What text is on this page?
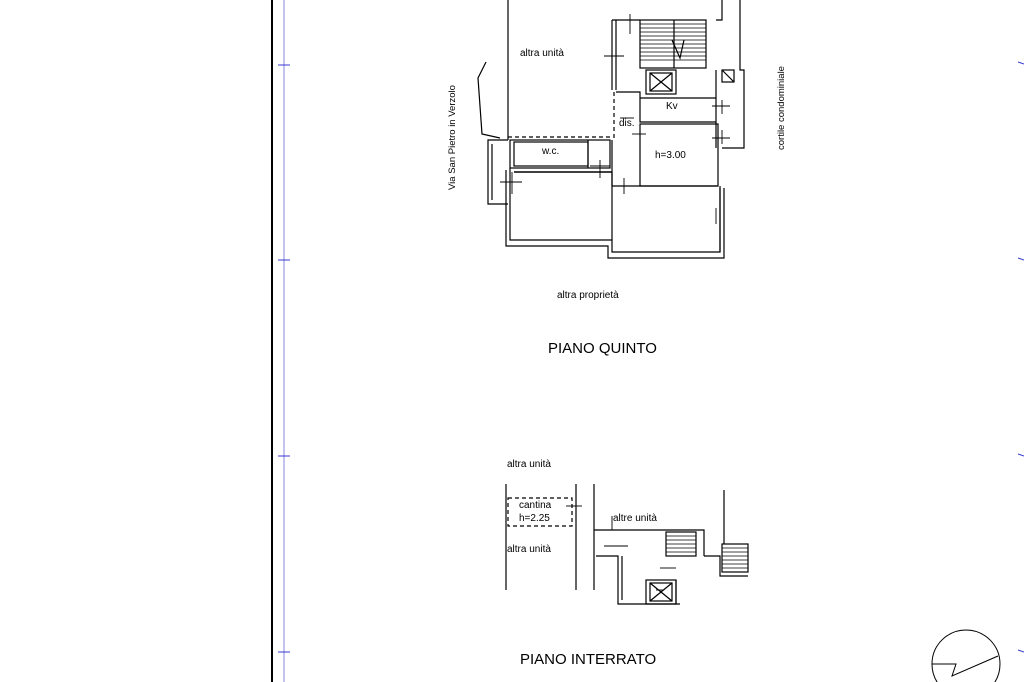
altra unità
Via San Pietro in Verzolo	cortile condominiale
Kv
dis.
w.c.	h=3.00
altra proprietà
PIANO QUINTO
altra unità
cantina
h=2.25
altra unità
altre unità
PIANO INTERRATO
